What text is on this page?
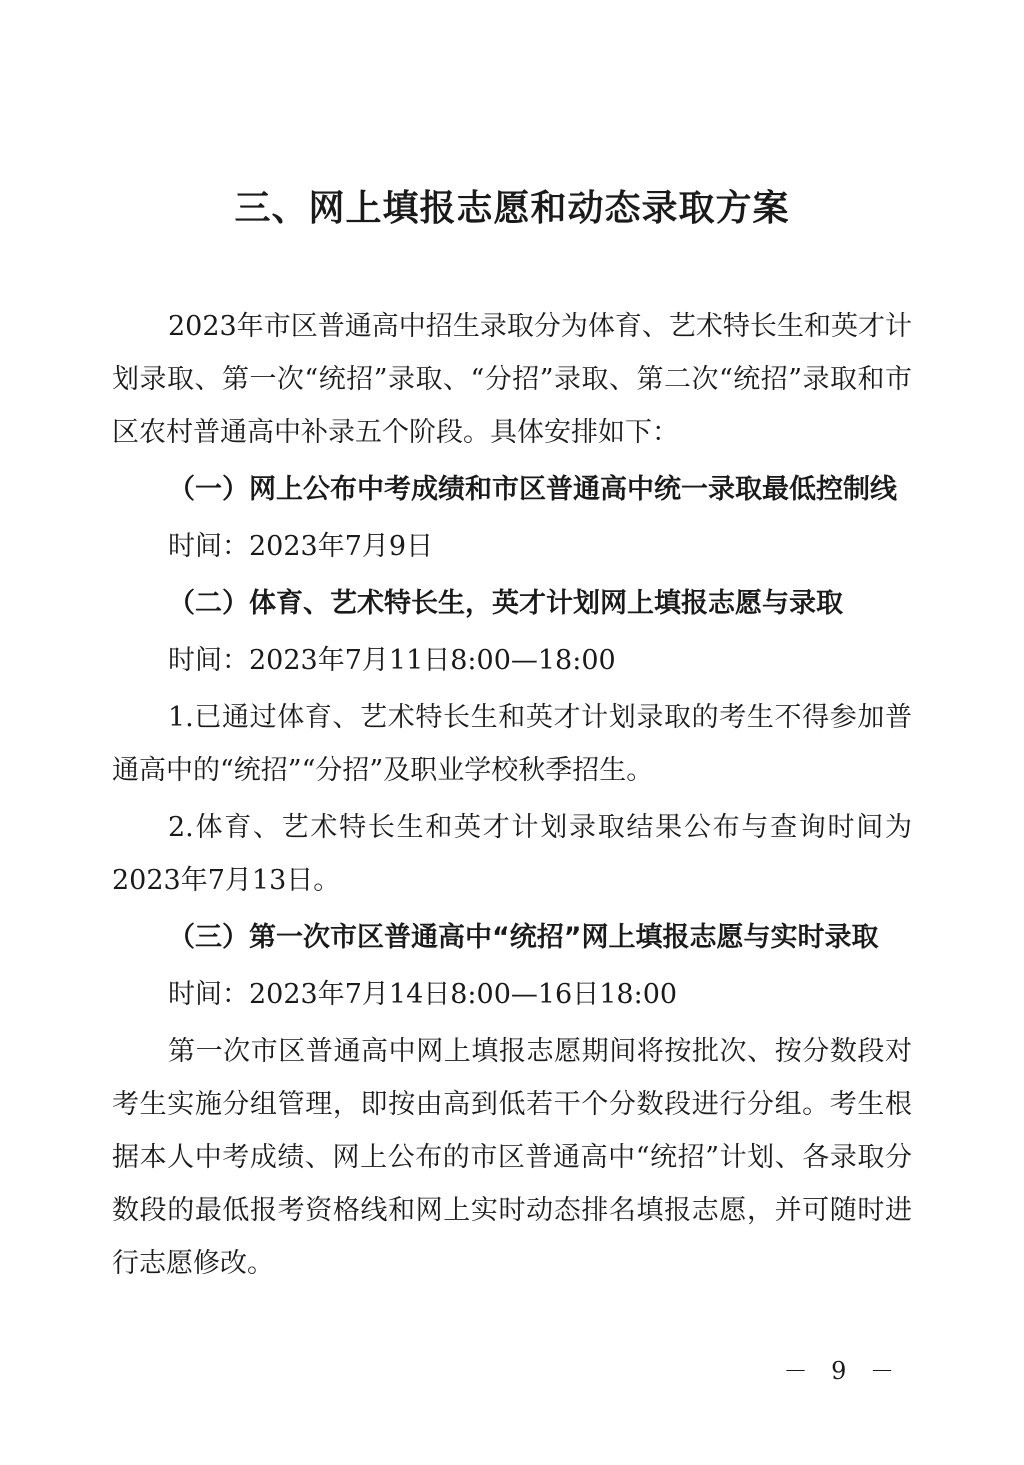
三、网上填报志愿和动态录取方案

2023年市区普通高中招生录取分为体育、艺术特长生和英才计划录取、第一次“统招”录取、“分招”录取、第二次“统招”录取和市区农村普通高中补录五个阶段。具体安排如下：

（一）网上公布中考成绩和市区普通高中统一录取最低控制线

时间：2023年7月9日

（二）体育、艺术特长生，英才计划网上填报志愿与录取

时间：2023年7月11日8:00—18:00

1.已通过体育、艺术特长生和英才计划录取的考生不得参加普通高中的“统招”“分招”及职业学校秋季招生。

2.体育、艺术特长生和英才计划录取结果公布与查询时间为2023年7月13日。

（三）第一次市区普通高中“统招”网上填报志愿与实时录取

时间：2023年7月14日8:00—16日18:00

第一次市区普通高中网上填报志愿期间将按批次、按分数段对考生实施分组管理，即按由高到低若干个分数段进行分组。考生根据本人中考成绩、网上公布的市区普通高中“统招”计划、各录取分数段的最低报考资格线和网上实时动态排名填报志愿，并可随时进行志愿修改。

－ 9 －
